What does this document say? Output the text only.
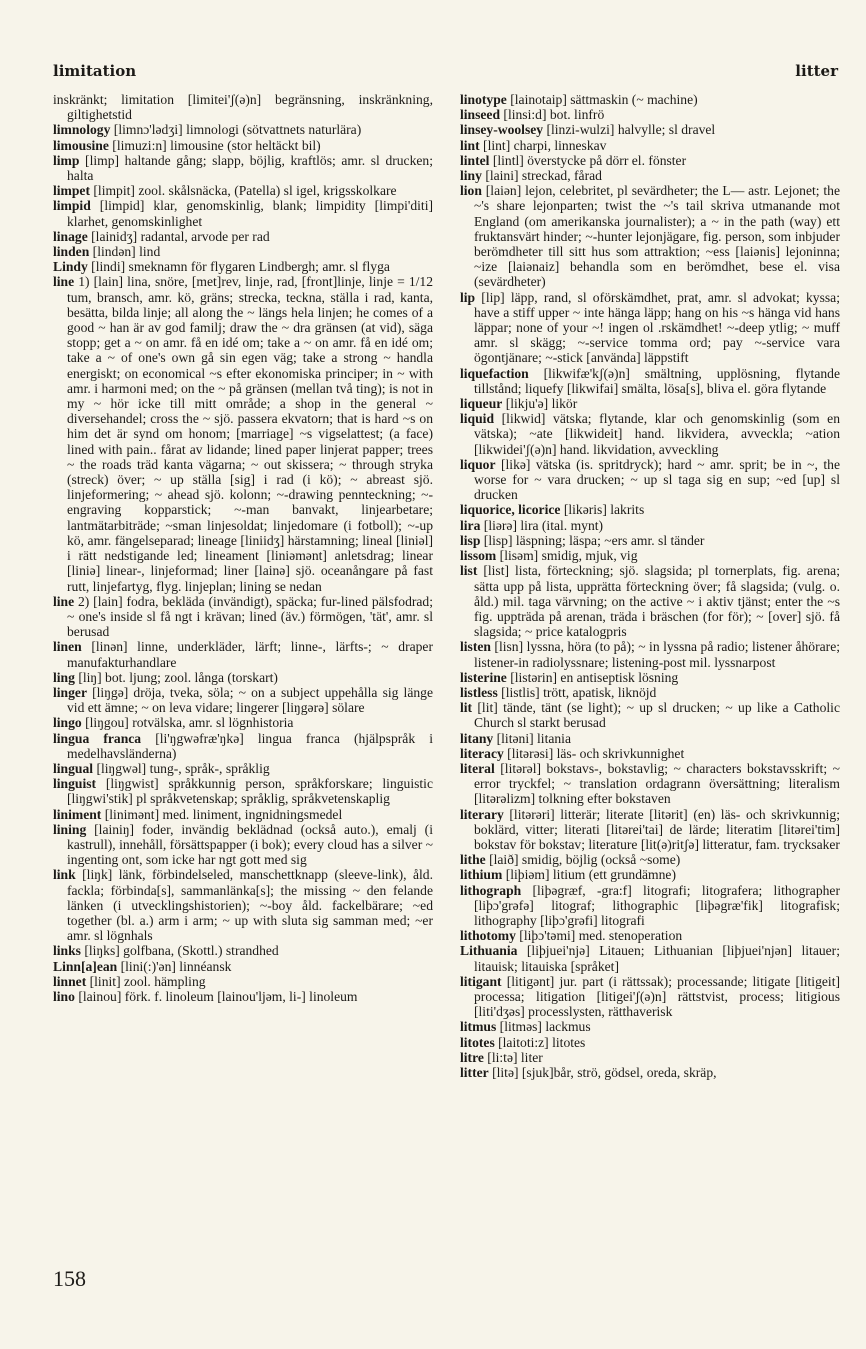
limitation	litter

inskränkt; limitation [limitei'ʃ(ə)n] begränsning, inskränkning, giltighetstid

limnology [limnɔ'lədʒi] limnologi (sötvattnets naturlära)

limousine [limuzi:n] limousine (stor heltäckt bil)

limp [limp] haltande gång; slapp, böjlig, kraftlös; amr. sl drucken; halta

limpet [limpit] zool. skålsnäcka, (Patella) sl igel, krigsskolkare

limpid [limpid] klar, genomskinlig, blank; limpidity [limpi'diti] klarhet, genomskinlighet

linage [lainidʒ] radantal, arvode per rad

linden [lindən] lind

Lindy [lindi] smeknamn för flygaren Lindbergh; amr. sl flyga

line 1) [lain] lina, snöre, [met]rev, linje, rad, [front]linje, linje = 1/12 tum, bransch, amr. kö, gräns; strecka, teckna, ställa i rad, kanta, besätta, bilda linje; all along the ~ längs hela linjen; he comes of a good ~ han är av god familj; draw the ~ dra gränsen (at vid), säga stopp; get a ~ on amr. få en idé om; take a ~ on amr. få en idé om; take a ~ of one's own gå sin egen väg; take a strong ~ handla energiskt; on economical ~s efter ekonomiska principer; in ~ with amr. i harmoni med; on the ~ på gränsen (mellan två ting); is not in my ~ hör icke till mitt område; a shop in the general ~ diversehandel; cross the ~ sjö. passera ekvatorn; that is hard ~s on him det är synd om honom; [marriage] ~s vigselattest; (a face) lined with pain.. fårat av lidande; lined paper linjerat papper; trees ~ the roads träd kanta vägarna; ~ out skissera; ~ through stryka (streck) över; ~ up ställa [sig] i rad (i kö); ~ abreast sjö. linjeformering; ~ ahead sjö. kolonn; ~-drawing pennteckning; ~-engraving kopparstick; ~-man banvakt, linjearbetare; lantmätarbiträde; ~sman linjesoldat; linjedomare (i fotboll); ~-up kö, amr. fängelseparad; lineage [liniidʒ] härstamning; lineal [liniəl] i rätt nedstigande led; lineament [liniəmənt] anletsdrag; linear [liniə] linear-, linjeformad; liner [lainə] sjö. oceanångare på fast rutt, linjefartyg, flyg. linjeplan; lining se nedan

line 2) [lain] fodra, bekläda (invändigt), späcka; fur-lined pälsfodrad; ~ one's inside sl få ngt i krävan; lined (äv.) förmögen, 'tät', amr. sl berusad

linen [linən] linne, underkläder, lärft; linne-, lärfts-; ~ draper manufakturhandlare

ling [liŋ] bot. ljung; zool. långa (torskart)

linger [liŋgə] dröja, tveka, söla; ~ on a subject uppehålla sig länge vid ett ämne; ~ on leva vidare; lingerer [liŋgərə] sölare

lingo [liŋgou] rotvälska, amr. sl lögnhistoria

lingua franca [li'ŋgwəfræ'ŋkə] lingua franca (hjälpspråk i medelhavsländerna)

lingual [liŋgwəl] tung-, språk-, språklig

linguist [liŋgwist] språkkunnig person, språkforskare; linguistic [liŋgwi'stik] pl språkvetenskap; språklig, språkvetenskaplig

liniment [linimənt] med. liniment, ingnidningsmedel

lining [lainiŋ] foder, invändig beklädnad (också auto.), emalj (i kastrull), innehåll, försättspapper (i bok); every cloud has a silver ~ ingenting ont, som icke har ngt gott med sig

link [liŋk] länk, förbindelseled, manschettknapp (sleeve-link), åld. fackla; förbinda[s], sammanlänka[s]; the missing ~ den felande länken (i utvecklingshistorien); ~-boy åld. fackelbärare; ~ed together (bl. a.) arm i arm; ~ up with sluta sig samman med; ~er amr. sl lögnhals

links [liŋks] golfbana, (Skottl.) strandhed

Linn[a]ean [lini(:)'ən] linnéansk

linnet [linit] zool. hämpling

lino [lainou] förk. f. linoleum [lainou'ljəm, li-] linoleum

linotype [lainotaip] sättmaskin (~ machine)

linseed [linsi:d] bot. linfrö

linsey-woolsey [linzi-wulzi] halvylle; sl dravel

lint [lint] charpi, linneskav

lintel [lintl] överstycke på dörr el. fönster

liny [laini] streckad, fårad

lion [laiən] lejon, celebritet, pl sevärdheter; the L— astr. Lejonet; the ~'s share lejonparten; twist the ~'s tail skriva utmanande mot England (om amerikanska journalister); a ~ in the path (way) ett fruktansvärt hinder; ~-hunter lejonjägare, fig. person, som inbjuder berömdheter till sitt hus som attraktion; ~ess [laiənis] lejoninna; ~ize [laiənaiz] behandla som en berömdhet, bese el. visa (sevärdheter)

lip [lip] läpp, rand, sl oförskämdhet, prat, amr. sl advokat; kyssa; have a stiff upper ~ inte hänga läpp; hang on his ~s hänga vid hans läppar; none of your ~! ingen ol .rskämdhet! ~-deep ytlig; ~ muff amr. sl skägg; ~-service tomma ord; pay ~-service vara ögontjänare; ~-stick [använda] läppstift

liquefaction [likwifæ'kʃ(ə)n] smältning, upplösning, flytande tillstånd; liquefy [likwifai] smälta, lösa[s], bliva el. göra flytande

liqueur [likju'ə] likör

liquid [likwid] vätska; flytande, klar och genomskinlig (som en vätska); ~ate [likwideit] hand. likvidera, avveckla; ~ation [likwidei'ʃ(ə)n] hand. likvidation, avveckling

liquor [likə] vätska (is. spritdryck); hard ~ amr. sprit; be in ~, the worse for ~ vara drucken; ~ up sl taga sig en sup; ~ed [up] sl drucken

liquorice, licorice [likəris] lakrits

lira [liərə] lira (ital. mynt)

lisp [lisp] läspning; läspa; ~ers amr. sl tänder

lissom [lisəm] smidig, mjuk, vig

list [list] lista, förteckning; sjö. slagsida; pl tornerplats, fig. arena; sätta upp på lista, upprätta förteckning över; få slagsida; (vulg. o. åld.) mil. taga värvning; on the active ~ i aktiv tjänst; enter the ~s fig. uppträda på arenan, träda i bräschen (for för); ~ [over] sjö. få slagsida; ~ price katalogpris

listen [lisn] lyssna, höra (to på); ~ in lyssna på radio; listener åhörare; listener-in radiolyssnare; listening-post mil. lyssnarpost

listerine [listərin] en antiseptisk lösning

listless [listlis] trött, apatisk, liknöjd

lit [lit] tände, tänt (se light); ~ up sl drucken; ~ up like a Catholic Church sl starkt berusad

litany [litəni] litania

literacy [litərəsi] läs- och skrivkunnighet

literal [litərəl] bokstavs-, bokstavlig; ~ characters bokstavsskrift; ~ error tryckfel; ~ translation ordagrann översättning; literalism [litərəlizm] tolkning efter bokstaven

literary [litərəri] litterär; literate [litərit] (en) läs- och skrivkunnig; boklärd, vitter; literati [litərei'tai] de lärde; literatim [litərei'tim] bokstav för bokstav; literature [lit(ə)ritʃə] litteratur, fam. trycksaker

lithe [laið] smidig, böjlig (också ~some)

lithium [liþiəm] litium (ett grundämne)

lithograph [liþəgræf, -gra:f] litografi; litografera; lithographer [liþɔ'grəfə] litograf; lithographic [liþəgræ'fik] litografisk; lithography [liþɔ'grəfi] litografi

lithotomy [liþɔ'təmi] med. stenoperation

Lithuania [liþjuei'njə] Litauen; Lithuanian [liþjuei'njən] litauer; litauisk; litauiska [språket]

litigant [litigənt] jur. part (i rättssak); processande; litigate [litigeit] processa; litigation [litigei'ʃ(ə)n] rättstvist, process; litigious [liti'dʒəs] processlysten, rätthaverisk

litmus [litməs] lackmus

litotes [laitoti:z] litotes

litre [li:tə] liter

litter [litə] [sjuk]bår, strö, gödsel, oreda, skräp,

158
